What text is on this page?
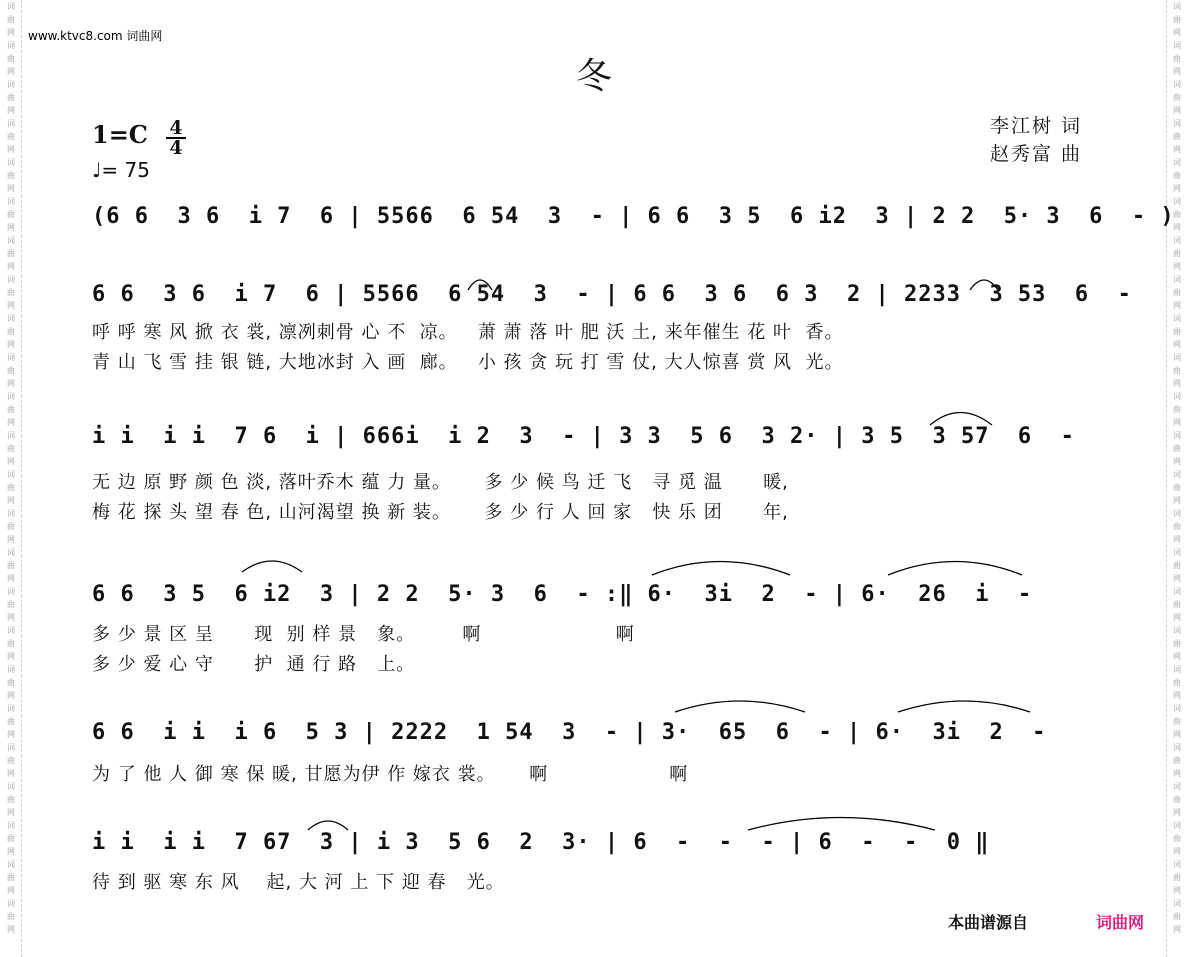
词
曲
网
词
曲
网
词
曲
网
词
曲
网
词
曲
网
词
曲
网
词
曲
网
词
曲
网
词
曲
网
词
曲
网
词
曲
网
词
曲
网
词
曲
网
词
曲
网
词
曲
网
词
曲
网
词
曲
网
词
曲
网
词
曲
网
词
曲
网
词
曲
网
词
曲
网
词
曲
网
词
曲
网
词
曲
网
词
曲
网
词
曲
网
词
曲
网
词
曲
网
词
曲
网
词
曲
网
词
曲
网
词
曲
网
词
曲
网
词
曲
网
词
曲
网
词
曲
网
词
曲
网
词
曲
网
词
曲
网
词
曲
网
词
曲
网
词
曲
网
词
曲
网
词
曲
网
词
曲
网
词
曲
网
词
曲
网
www.ktvc8.com 词曲网
冬
$1=C \frac{4}{4}$
♩= 75
李江树 词
赵秀富 曲
(6 6  3 6  i 7  6 | 5566  6 54  3  - | 6 6  3 5  6 i2  3 | 2 2  5· 3  6  - )
6 6  3 6  i 7  6 | 5566  6 54  3  - | 6 6  3 6  6 3  2 | 2233  3 53  6  -
呼 呼 寒 风 掀 衣 裳, 凛冽刺骨 心 不  凉。   萧 萧 落 叶 肥 沃 土, 来年催生 花 叶  香。
青 山 飞 雪 挂 银 链, 大地冰封 入 画  廊。   小 孩 贪 玩 打 雪 仗, 大人惊喜 赏 风  光。
i i  i i  7 6  i | 666i  i 2  3  - | 3 3  5 6  3 2· | 3 5  3 57  6  -
无 边 原 野 颜 色 淡, 落叶乔木 蕴 力 量。     多 少 候 鸟 迁 飞   寻 觅 温      暖,
梅 花 探 头 望 春 色, 山河渴望 换 新 装。     多 少 行 人 回 家   快 乐 团      年,
6 6  3 5  6 i2  3 | 2 2  5· 3  6  - :‖ 6·  3i  2  - | 6·  26  i  -
多 少 景 区 呈      现  别 样 景   象。       啊                    啊
多 少 爱 心 守      护  通 行 路   上。
6 6  i i  i 6  5 3 | 2222  1 54  3  - | 3·  65  6  - | 6·  3i  2  -
为 了 他 人 御 寒 保 暖, 甘愿为伊 作 嫁衣 裳。     啊                  啊
i i  i i  7 67  3 | i 3  5 6  2  3· | 6  -  -  - | 6  -  -  0 ‖
待 到 驱 寒 东 风    起, 大 河 上 下 迎 春   光。
本曲谱源自	词曲网
